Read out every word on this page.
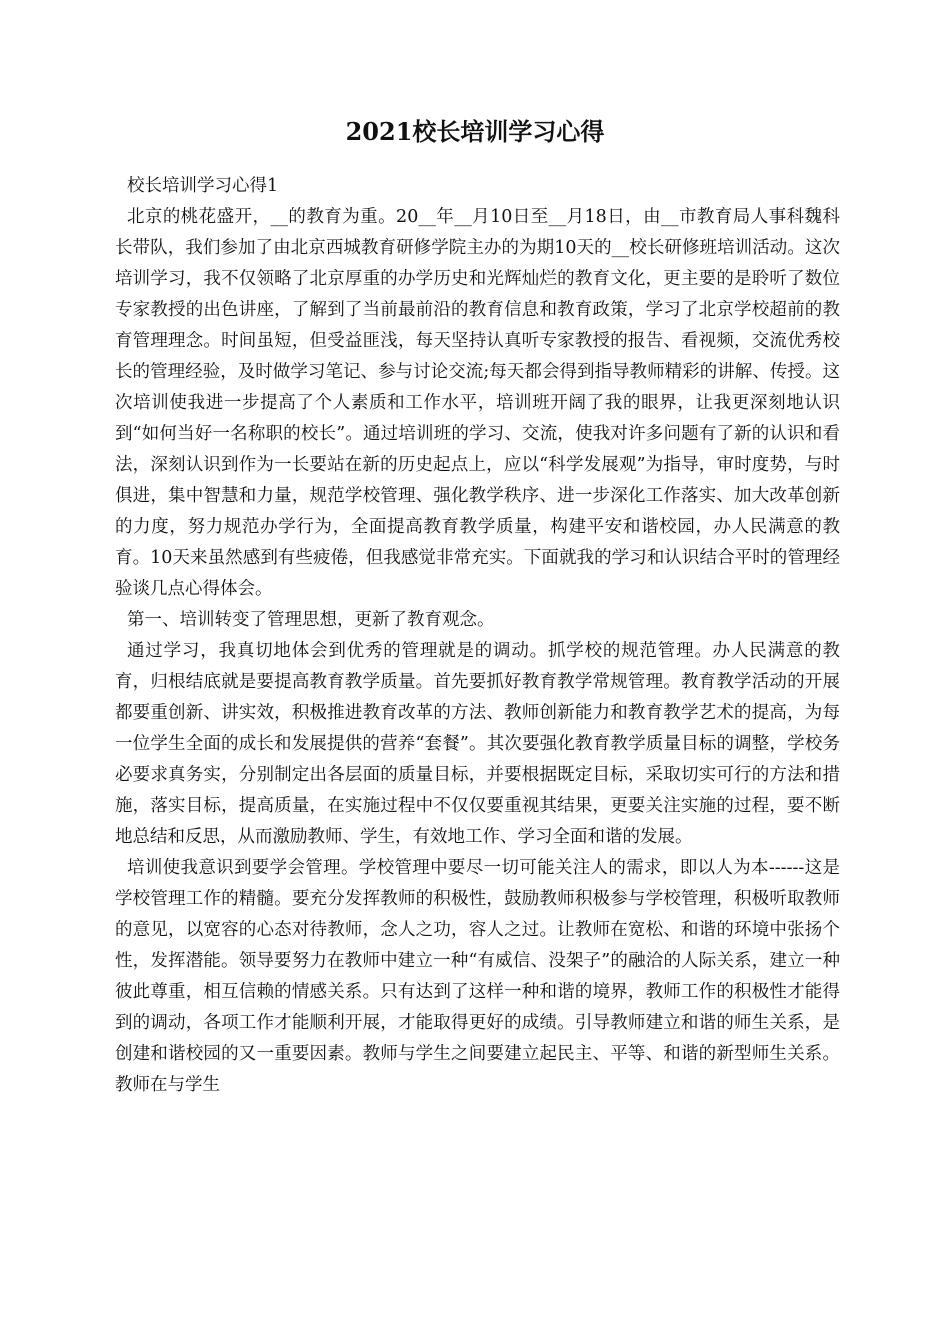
2021校长培训学习心得

校长培训学习心得1

北京的桃花盛开，__的教育为重。20__年__月10日至__月18日，由__市教育局人事科魏科长带队，我们参加了由北京西城教育研修学院主办的为期10天的__校长研修班培训活动。这次培训学习，我不仅领略了北京厚重的办学历史和光辉灿烂的教育文化，更主要的是聆听了数位专家教授的出色讲座，了解到了当前最前沿的教育信息和教育政策，学习了北京学校超前的教育管理理念。时间虽短，但受益匪浅，每天坚持认真听专家教授的报告、看视频，交流优秀校长的管理经验，及时做学习笔记、参与讨论交流;每天都会得到指导教师精彩的讲解、传授。这次培训使我进一步提高了个人素质和工作水平，培训班开阔了我的眼界，让我更深刻地认识到“如何当好一名称职的校长”。通过培训班的学习、交流，使我对许多问题有了新的认识和看法，深刻认识到作为一长要站在新的历史起点上，应以“科学发展观”为指导，审时度势，与时俱进，集中智慧和力量，规范学校管理、强化教学秩序、进一步深化工作落实、加大改革创新的力度，努力规范办学行为，全面提高教育教学质量，构建平安和谐校园，办人民满意的教育。10天来虽然感到有些疲倦，但我感觉非常充实。下面就我的学习和认识结合平时的管理经验谈几点心得体会。

第一、培训转变了管理思想，更新了教育观念。

通过学习，我真切地体会到优秀的管理就是的调动。抓学校的规范管理。办人民满意的教育，归根结底就是要提高教育教学质量。首先要抓好教育教学常规管理。教育教学活动的开展都要重创新、讲实效，积极推进教育改革的方法、教师创新能力和教育教学艺术的提高，为每一位学生全面的成长和发展提供的营养“套餐”。其次要强化教育教学质量目标的调整，学校务必要求真务实，分别制定出各层面的质量目标，并要根据既定目标，采取切实可行的方法和措施，落实目标，提高质量，在实施过程中不仅仅要重视其结果，更要关注实施的过程，要不断地总结和反思，从而激励教师、学生，有效地工作、学习全面和谐的发展。

培训使我意识到要学会管理。学校管理中要尽一切可能关注人的需求，即以人为本------这是学校管理工作的精髓。要充分发挥教师的积极性，鼓励教师积极参与学校管理，积极听取教师的意见，以宽容的心态对待教师，念人之功，容人之过。让教师在宽松、和谐的环境中张扬个性，发挥潜能。领导要努力在教师中建立一种“有威信、没架子”的融洽的人际关系，建立一种彼此尊重，相互信赖的情感关系。只有达到了这样一种和谐的境界，教师工作的积极性才能得到的调动，各项工作才能顺利开展，才能取得更好的成绩。引导教师建立和谐的师生关系，是创建和谐校园的又一重要因素。教师与学生之间要建立起民主、平等、和谐的新型师生关系。教师在与学生
